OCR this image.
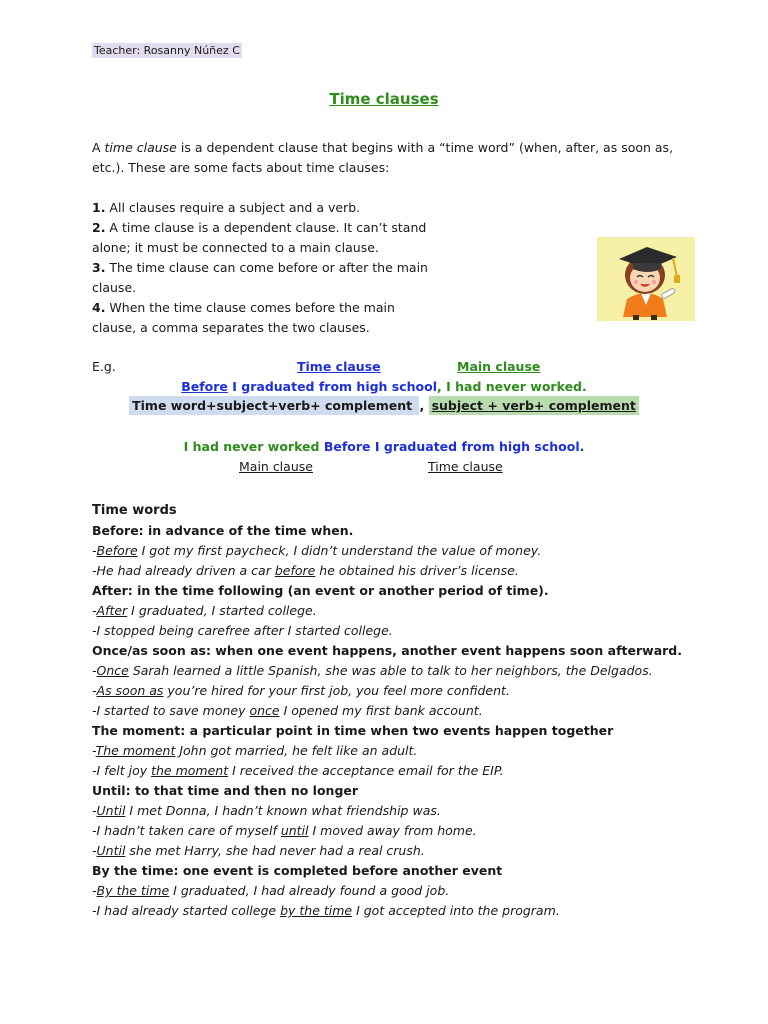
Teacher: Rosanny Núñez C
Time clauses
A time clause is a dependent clause that begins with a “time word” (when, after, as soon as, etc.). These are some facts about time clauses:

1. All clauses require a subject and a verb.

2. A time clause is a dependent clause. It can’t stand alone; it must be connected to a main clause.

3. The time clause can come before or after the main clause.

4. When the time clause comes before the main clause, a comma separates the two clauses.

E.g.	Time clause	Main clause
Before I graduated from high school, I had never worked.
Time word+subject+verb+ complement , subject + verb+ complement
I had never worked Before I graduated from high school.
Main clause	Time clause
Time words
Before: in advance of the time when.
-Before I got my first paycheck, I didn’t understand the value of money.
-He had already driven a car before he obtained his driver’s license.
After: in the time following (an event or another period of time).
-After I graduated, I started college.
-I stopped being carefree after I started college.
Once/as soon as: when one event happens, another event happens soon afterward.
-Once Sarah learned a little Spanish, she was able to talk to her neighbors, the Delgados.
-As soon as you’re hired for your first job, you feel more confident.
-I started to save money once I opened my first bank account.
The moment: a particular point in time when two events happen together
-The moment John got married, he felt like an adult.
-I felt joy the moment I received the acceptance email for the EIP.
Until: to that time and then no longer
-Until I met Donna, I hadn’t known what friendship was.
-I hadn’t taken care of myself until I moved away from home.
-Until she met Harry, she had never had a real crush.
By the time: one event is completed before another event
-By the time I graduated, I had already found a good job.
-I had already started college by the time I got accepted into the program.
